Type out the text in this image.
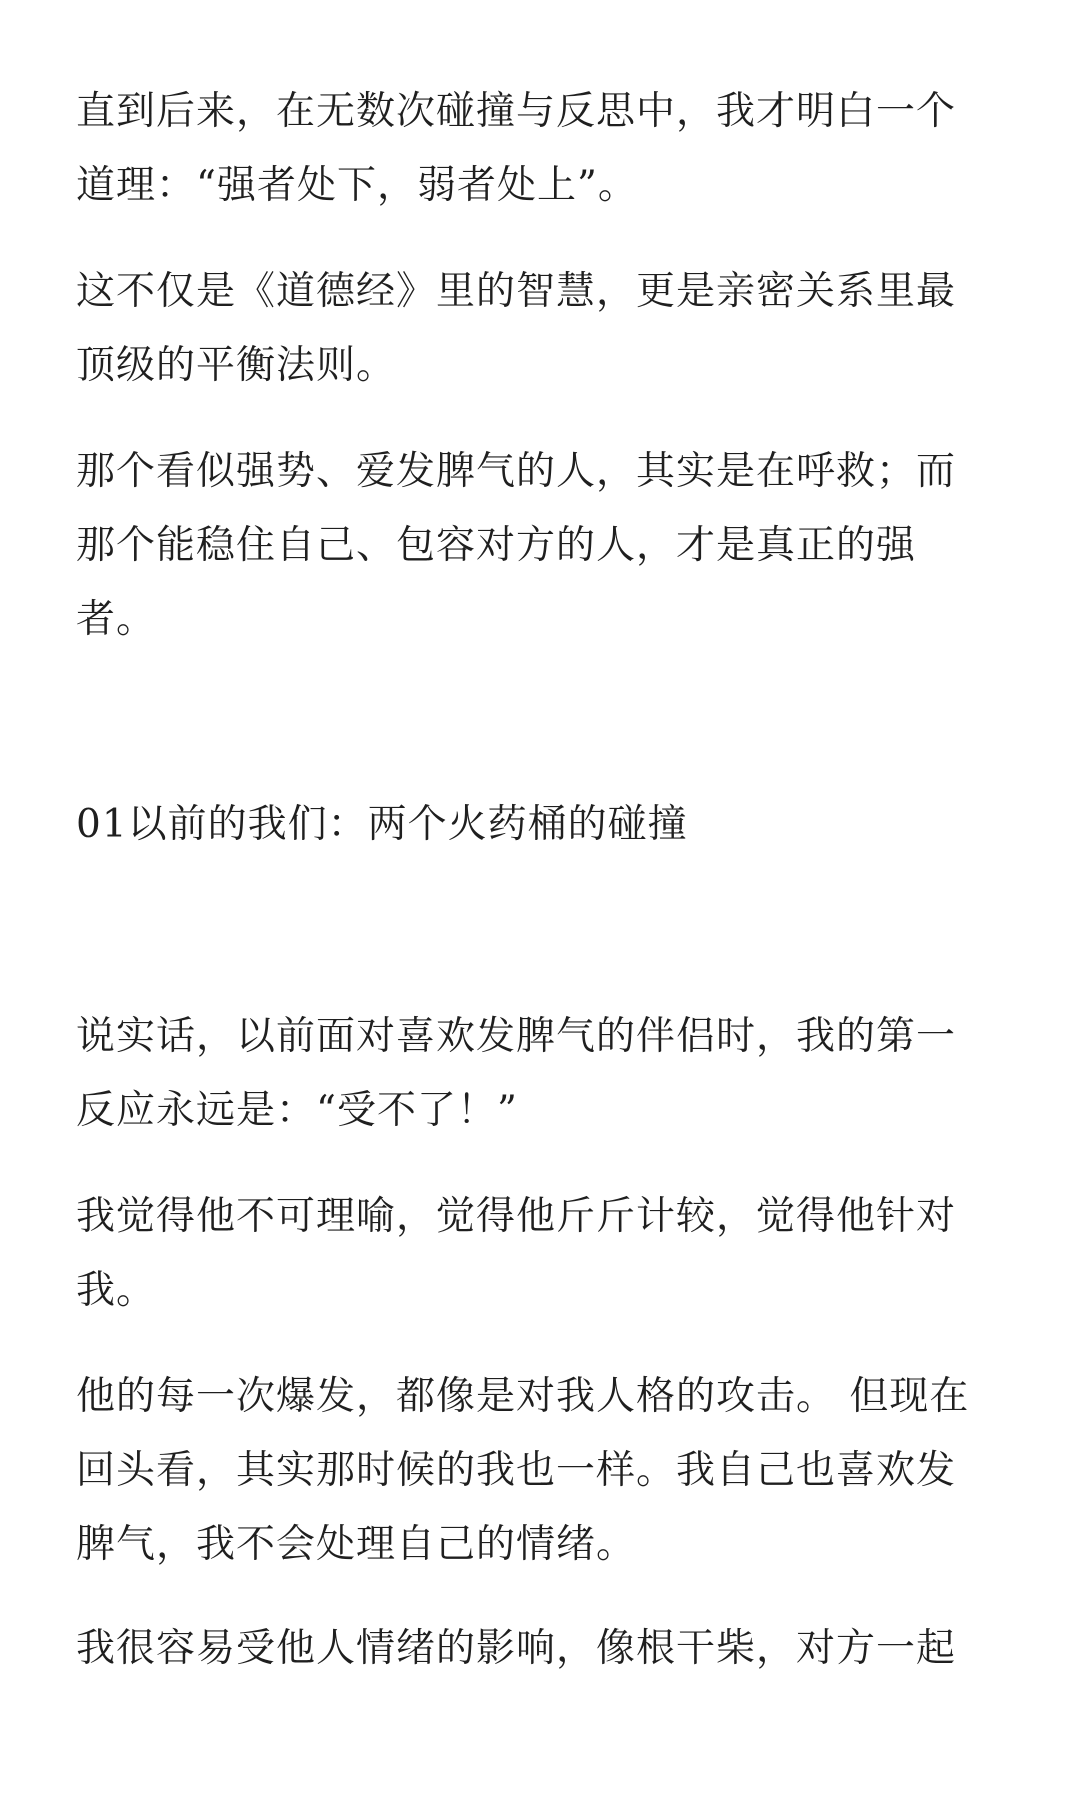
直到后来，在无数次碰撞与反思中，我才明白一个
道理：“强者处下，弱者处上”。

这不仅是《道德经》里的智慧，更是亲密关系里最
顶级的平衡法则。

那个看似强势、爱发脾气的人，其实是在呼救；而
那个能稳住自己、包容对方的人，才是真正的强
者。

01以前的我们：两个火药桶的碰撞

说实话，以前面对喜欢发脾气的伴侣时，我的第一
反应永远是：“受不了！”

我觉得他不可理喻，觉得他斤斤计较，觉得他针对
我。

他的每一次爆发，都像是对我人格的攻击。 但现在
回头看，其实那时候的我也一样。我自己也喜欢发
脾气，我不会处理自己的情绪。

我很容易受他人情绪的影响，像根干柴，对方一起
